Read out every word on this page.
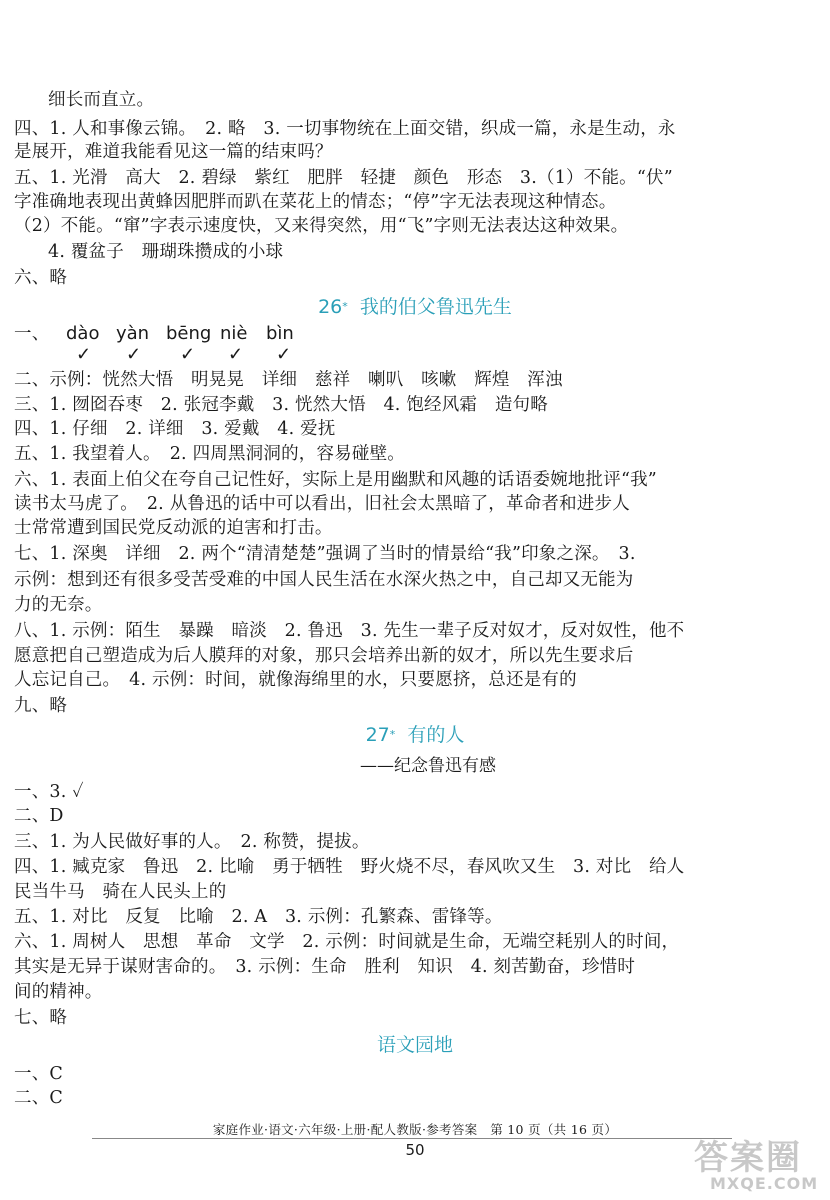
细长而直立。
四、1. 人和事像云锦。　2. 略　3. 一切事物统在上面交错，织成一篇，永是生动，永
是展开，难道我能看见这一篇的结束吗？
五、1. 光滑　高大　2. 碧绿　紫红　肥胖　轻捷　颜色　形态　3.（1）不能。“伏”
字准确地表现出黄蜂因肥胖而趴在菜花上的情态；“停”字无法表现这种情态。
（2）不能。“窜”字表示速度快，又来得突然，用“飞”字则无法表达这种效果。
4. 覆盆子　珊瑚珠攒成的小球
六、略
26* 我的伯父鲁迅先生
一、 dào yàn bēng niè bìn
✓ ✓ ✓ ✓ ✓
二、示例：恍然大悟　明晃晃　详细　慈祥　喇叭　咳嗽　辉煌　浑浊
三、1. 囫囵吞枣　2. 张冠李戴　3. 恍然大悟　4. 饱经风霜　造句略
四、1. 仔细　2. 详细　3. 爱戴　4. 爱抚
五、1. 我望着人。　2. 四周黑洞洞的，容易碰壁。
六、1. 表面上伯父在夸自己记性好，实际上是用幽默和风趣的话语委婉地批评“我”
读书太马虎了。　2. 从鲁迅的话中可以看出，旧社会太黑暗了，革命者和进步人
士常常遭到国民党反动派的迫害和打击。
七、1. 深奥　详细　2. 两个“清清楚楚”强调了当时的情景给“我”印象之深。　3.
示例：想到还有很多受苦受难的中国人民生活在水深火热之中，自己却又无能为
力的无奈。
八、1. 示例：陌生　暴躁　暗淡　2. 鲁迅　3. 先生一辈子反对奴才，反对奴性，他不
愿意把自己塑造成为后人膜拜的对象，那只会培养出新的奴才，所以先生要求后
人忘记自己。　4. 示例：时间，就像海绵里的水，只要愿挤，总还是有的
九、略
27* 有的人
——纪念鲁迅有感
一、3. ✓
二、D
三、1. 为人民做好事的人。　2. 称赞，提拔。
四、1. 臧克家　鲁迅　2. 比喻　勇于牺牲　野火烧不尽，春风吹又生　3. 对比　给人
民当牛马　骑在人民头上的
五、1. 对比　反复　比喻　2. A　3. 示例：孔繁森、雷锋等。
六、1. 周树人　思想　革命　文学　2. 示例：时间就是生命，无端空耗别人的时间，
其实是无异于谋财害命的。　3. 示例：生命　胜利　知识　4. 刻苦勤奋，珍惜时
间的精神。
七、略
语文园地
一、C
二、C
家庭作业·语文·六年级·上册·配人教版·参考答案　第 10 页（共 16 页）
50	答案圈
MXQE.COM
